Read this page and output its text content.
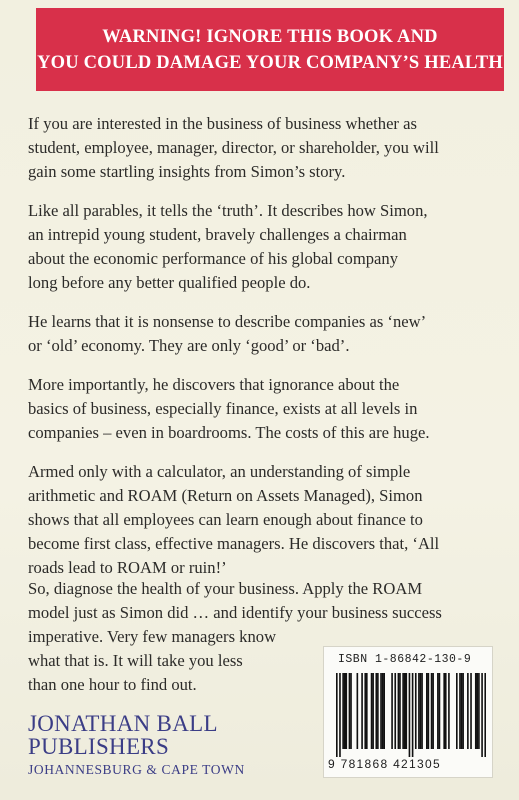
WARNING! IGNORE THIS BOOK AND
YOU COULD DAMAGE YOUR COMPANY’S HEALTH

If you are interested in the business of business whether as
student, employee, manager, director, or shareholder, you will
gain some startling insights from Simon’s story.

Like all parables, it tells the ‘truth’. It describes how Simon,
an intrepid young student, bravely challenges a chairman
about the economic performance of his global company
long before any better qualified people do.

He learns that it is nonsense to describe companies as ‘new’
or ‘old’ economy. They are only ‘good’ or ‘bad’.

More importantly, he discovers that ignorance about the
basics of business, especially finance, exists at all levels in
companies – even in boardrooms. The costs of this are huge.

Armed only with a calculator, an understanding of simple
arithmetic and ROAM (Return on Assets Managed), Simon
shows that all employees can learn enough about finance to
become first class, effective managers. He discovers that, ‘All
roads lead to ROAM or ruin!’

So, diagnose the health of your business. Apply the ROAM
model just as Simon did … and identify your business success
imperative. Very few managers know
what that is. It will take you less
than one hour to find out.
JONATHAN BALL
PUBLISHERS
JOHANNESBURG & CAPE TOWN
ISBN 1-86842-130-9
9 781868 421305
